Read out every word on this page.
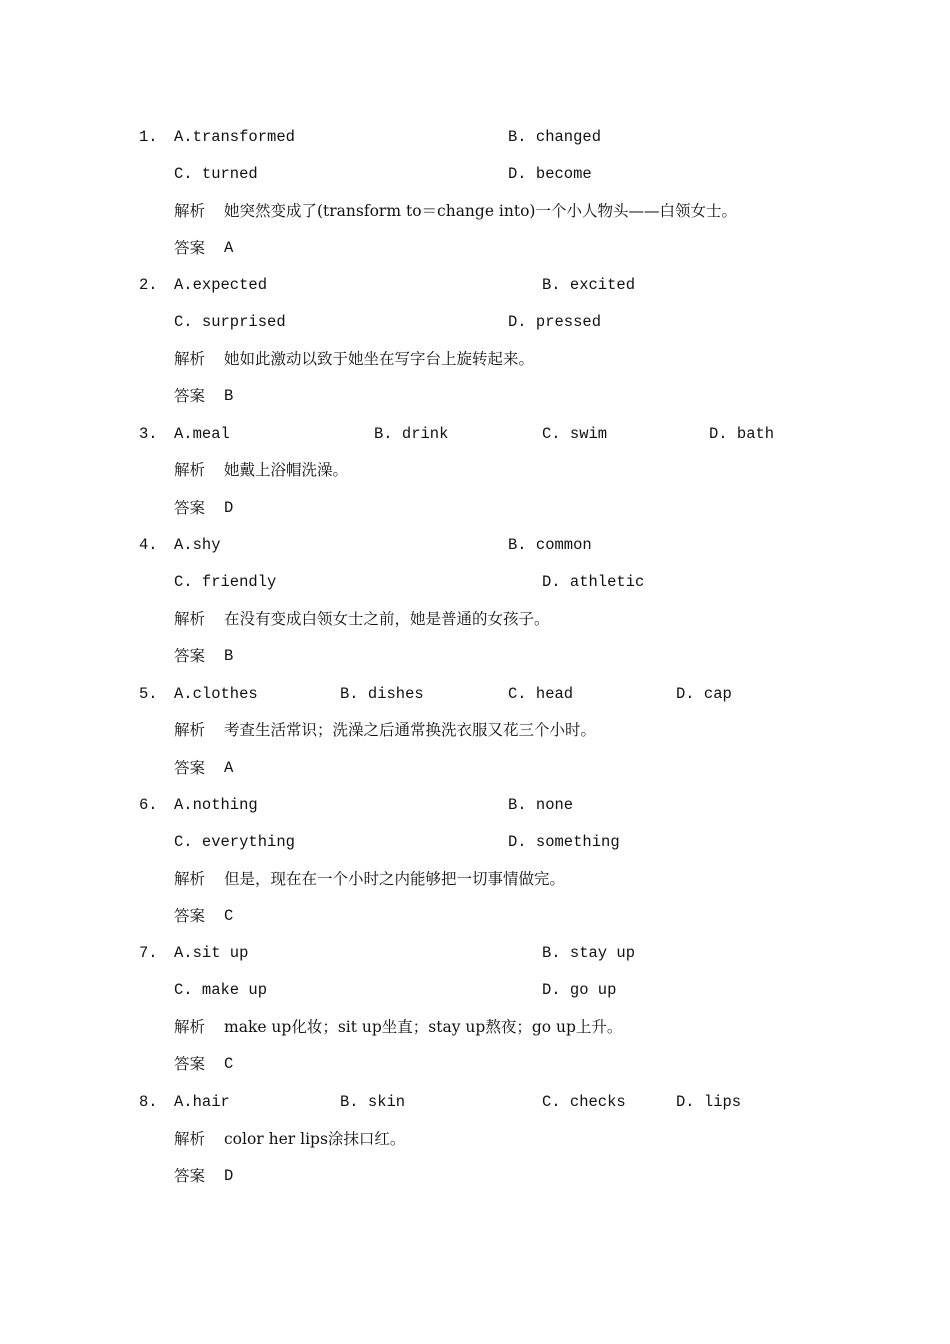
1. A.transformed	B. changed
C. turned	D. become
解析 她突然变成了(transform to＝change into)一个小人物头——白领女士。
答案 A
2. A.expected	B. excited
C. surprised	D. pressed
解析 她如此激动以致于她坐在写字台上旋转起来。
答案 B
3. A.meal	B. drink	C. swim	D. bath
解析 她戴上浴帽洗澡。
答案 D
4. A.shy	B. common
C. friendly	D. athletic
解析 在没有变成白领女士之前，她是普通的女孩子。
答案 B
5. A.clothes	B. dishes	C. head	D. cap
解析 考查生活常识；洗澡之后通常换洗衣服又花三个小时。
答案 A
6. A.nothing	B. none
C. everything	D. something
解析 但是，现在在一个小时之内能够把一切事情做完。
答案 C
7. A.sit up	B. stay up
C. make up	D. go up
解析 make up化妆；sit up坐直；stay up熬夜；go up上升。
答案 C
8. A.hair	B. skin	C. checks	D. lips
解析 color her lips涂抹口红。
答案 D
